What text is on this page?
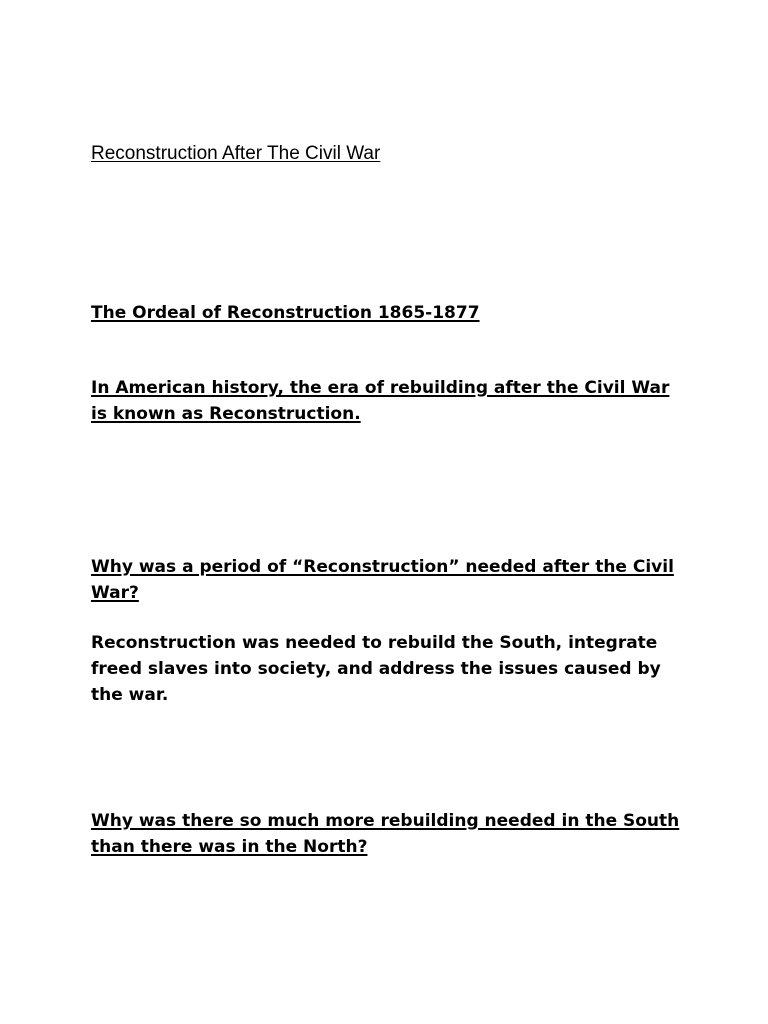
Reconstruction After The Civil War
The Ordeal of Reconstruction 1865-1877

In American history, the era of rebuilding after the Civil War is known as Reconstruction.

Why was a period of “Reconstruction” needed after the Civil War?

Reconstruction was needed to rebuild the South, integrate freed slaves into society, and address the issues caused by the war.

Why was there so much more rebuilding needed in the South than there was in the North?
